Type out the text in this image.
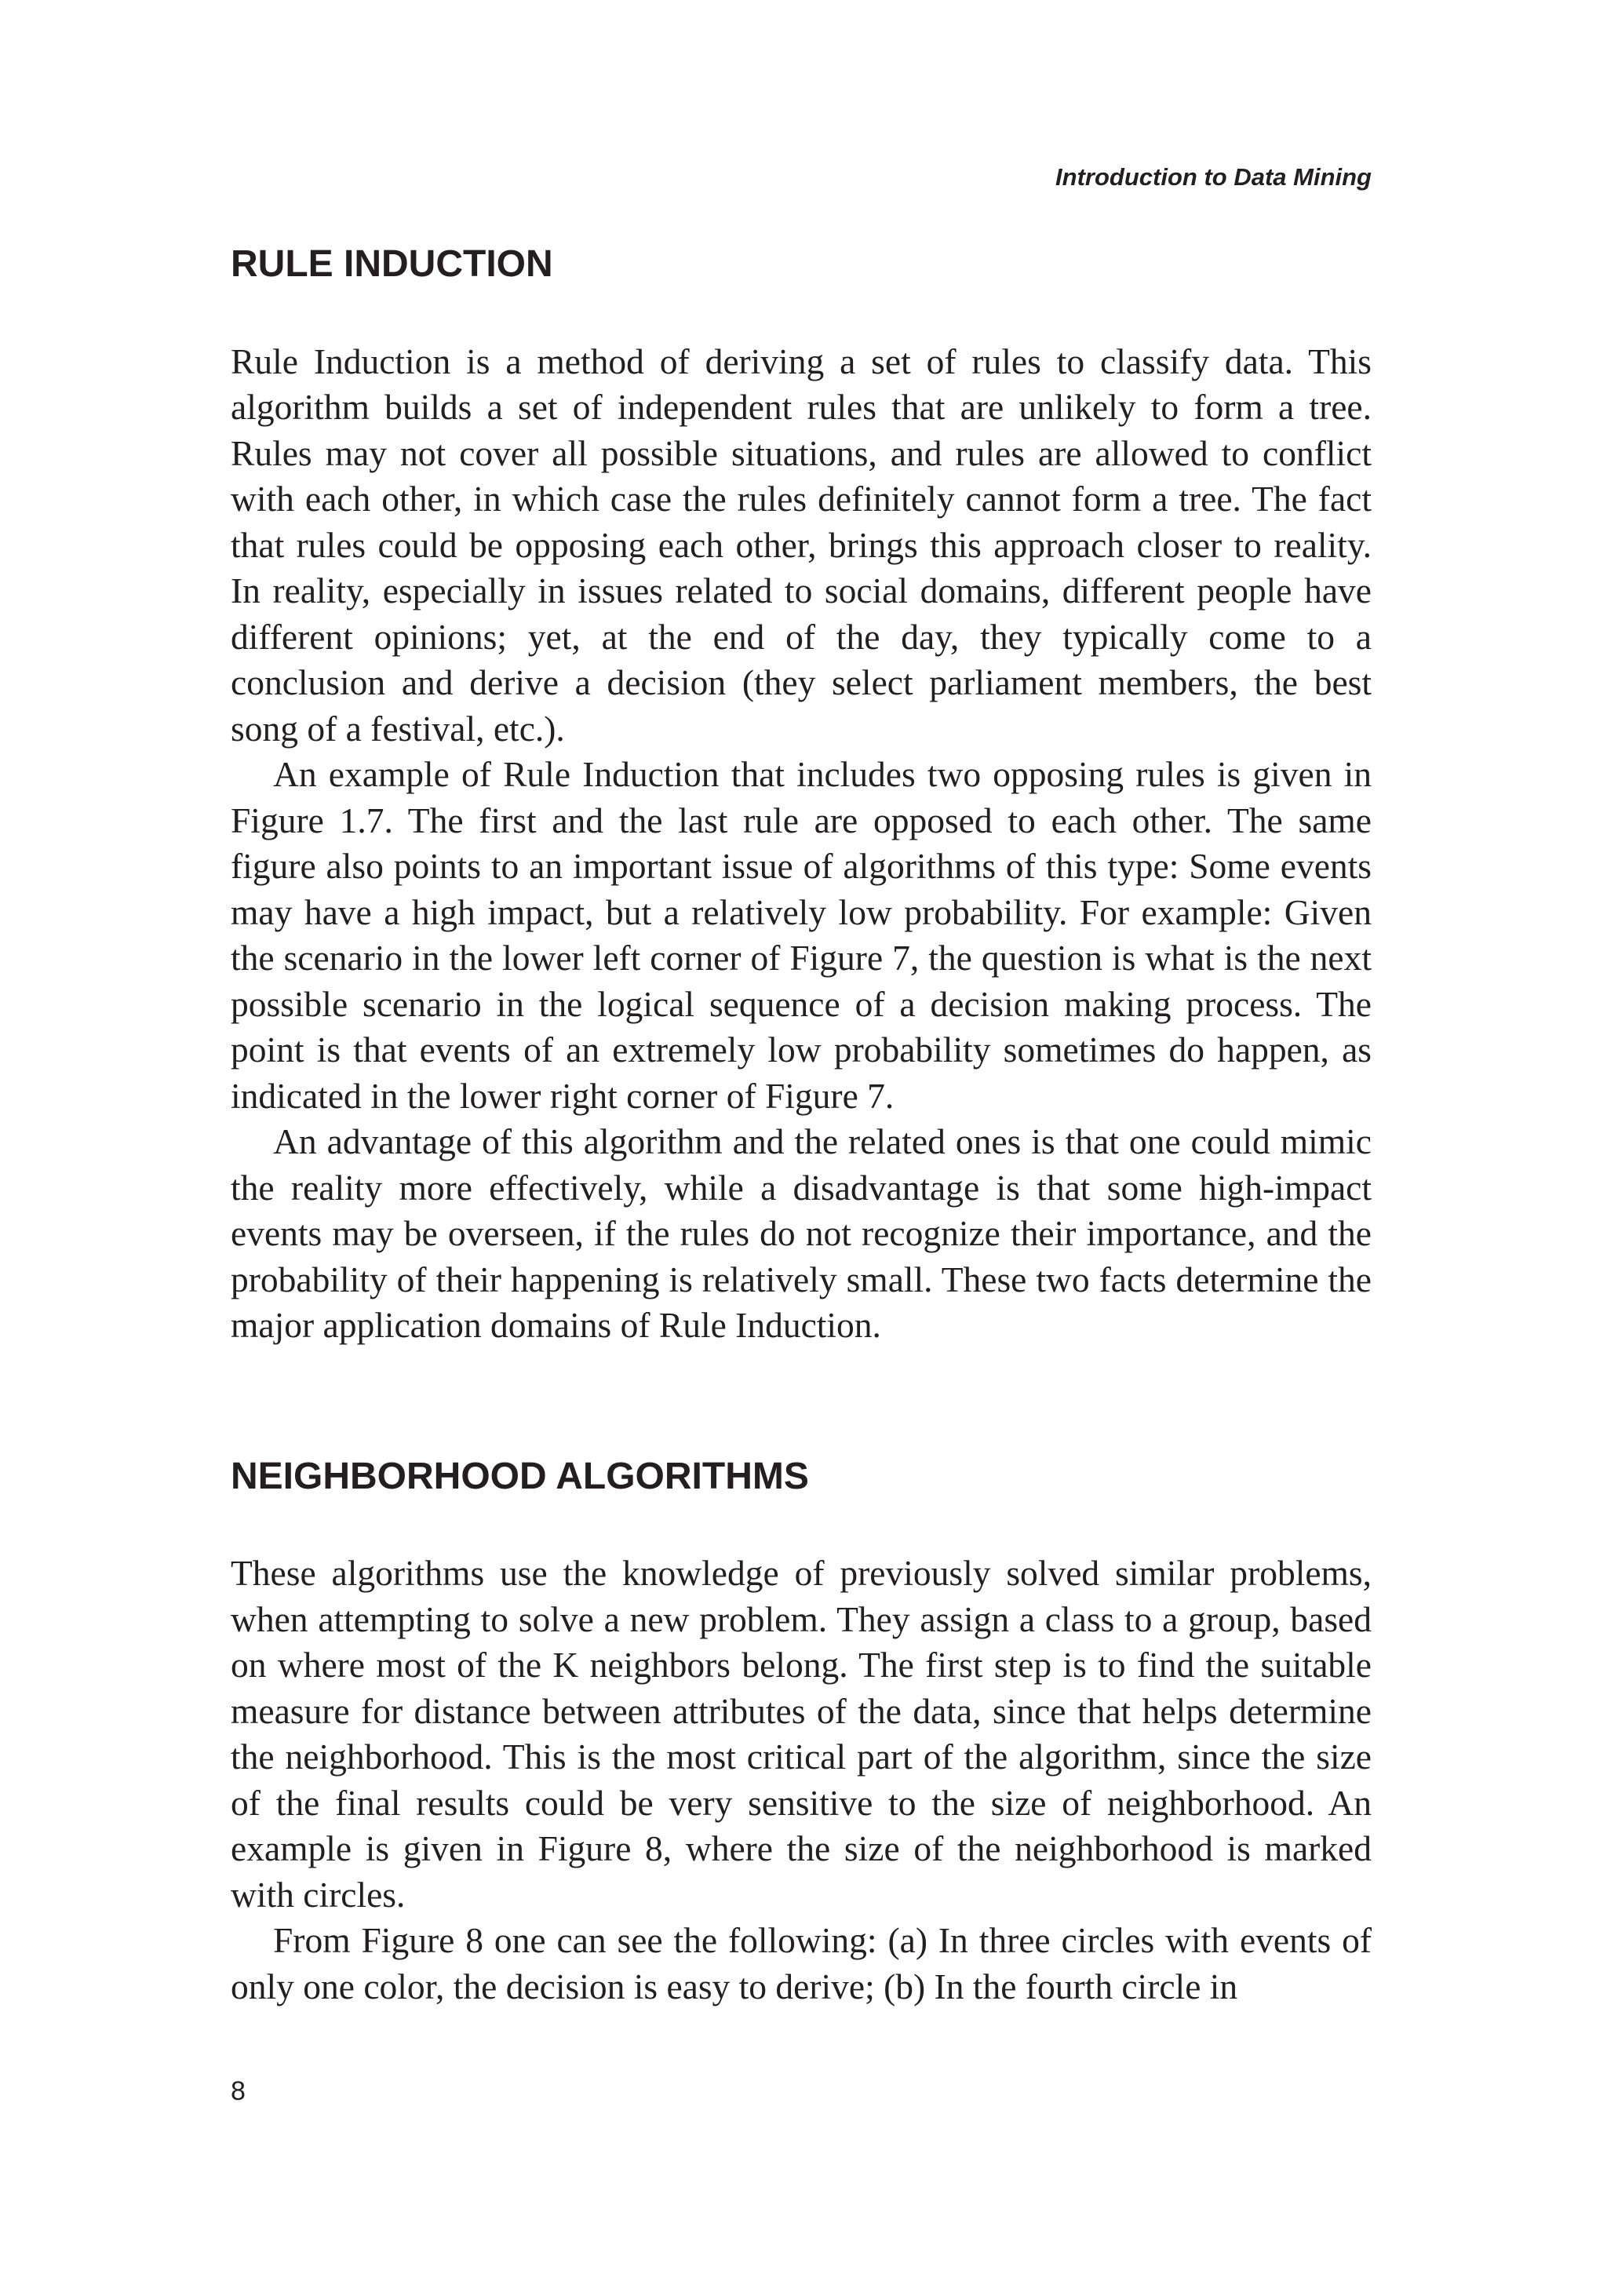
Introduction to Data Mining

RULE INDUCTION

Rule Induction is a method of deriving a set of rules to classify data. This algorithm builds a set of independent rules that are unlikely to form a tree. Rules may not cover all possible situations, and rules are allowed to conflict with each other, in which case the rules definitely cannot form a tree. The fact that rules could be opposing each other, brings this approach closer to reality. In reality, especially in issues related to social domains, different people have different opinions; yet, at the end of the day, they typically come to a conclusion and derive a decision (they select parliament members, the best song of a festival, etc.).

An example of Rule Induction that includes two opposing rules is given in Figure 1.7. The first and the last rule are opposed to each other. The same figure also points to an important issue of algorithms of this type: Some events may have a high impact, but a relatively low probability. For example: Given the scenario in the lower left corner of Figure 7, the question is what is the next possible scenario in the logical sequence of a decision making process. The point is that events of an extremely low probability sometimes do happen, as indicated in the lower right corner of Figure 7.

An advantage of this algorithm and the related ones is that one could mimic the reality more effectively, while a disadvantage is that some high-impact events may be overseen, if the rules do not recognize their importance, and the probability of their happening is relatively small. These two facts determine the major application domains of Rule Induction.

NEIGHBORHOOD ALGORITHMS

These algorithms use the knowledge of previously solved similar problems, when attempting to solve a new problem. They assign a class to a group, based on where most of the K neighbors belong. The first step is to find the suitable measure for distance between attributes of the data, since that helps determine the neighborhood. This is the most critical part of the algorithm, since the size of the final results could be very sensitive to the size of neighborhood. An example is given in Figure 8, where the size of the neighborhood is marked with circles.

From Figure 8 one can see the following: (a) In three circles with events of only one color, the decision is easy to derive; (b) In the fourth circle in

8
